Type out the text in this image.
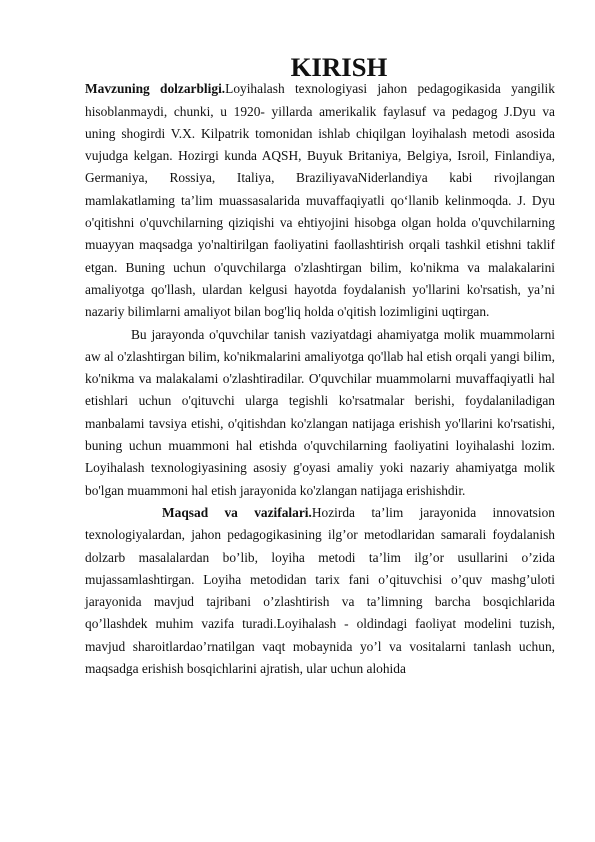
KIRISH

Mavzuning dolzarbligi.Loyihalash texnologiyasi jahon pedagogikasida yangilik hisoblanmaydi, chunki, u 1920- yillarda amerikalik faylasuf va pedagog J.Dyu va uning shogirdi V.X. Kilpatrik tomonidan ishlab chiqilgan loyihalash metodi asosida vujudga kelgan. Hozirgi kunda AQSH, Buyuk Britaniya, Belgiya, Isroil, Finlandiya, Germaniya, Rossiya, Italiya, BraziliyavaNiderlandiya kabi rivojlangan mamlakatlaming ta’lim muassasalarida muvaffaqiyatli qo‘llanib kelinmoqda. J. Dyu o'qitishni o'quvchilarning qiziqishi va ehtiyojini hisobga olgan holda o'quvchilarning muayyan maqsadga yo'naltirilgan faoliyatini faollashtirish orqali tashkil etishni taklif etgan. Buning uchun o'quvchilarga o'zlashtirgan bilim, ko'nikma va malakalarini amaliyotga qo'llash, ulardan kelgusi hayotda foydalanish yo'llarini ko'rsatish, ya’ni nazariy bilimlarni amaliyot bilan bog'liq holda o'qitish lozimligini uqtirgan.

Bu jarayonda o'quvchilar tanish vaziyatdagi ahamiyatga molik muammolarni aw al o'zlashtirgan bilim, ko'nikmalarini amaliyotga qo'llab hal etish orqali yangi bilim, ko'nikma va malakalami o'zlashtiradilar. O'quvchilar muammolarni muvaffaqiyatli hal etishlari uchun o'qituvchi ularga tegishli ko'rsatmalar berishi, foydalaniladigan manbalami tavsiya etishi, o'qitishdan ko'zlangan natijaga erishish yo'llarini ko'rsatishi, buning uchun muammoni hal etishda o'quvchilarning faoliyatini loyihalashi lozim. Loyihalash texnologiyasining asosiy g'oyasi amaliy yoki nazariy ahamiyatga molik bo'lgan muammoni hal etish jarayonida ko'zlangan natijaga erishishdir.

Maqsad va vazifalari.Hozirda ta’lim jarayonida innovatsion texnologiyalardan, jahon pedagogikasining ilg’or metodlaridan samarali foydalanish dolzarb masalalardan bo’lib, loyiha metodi ta’lim ilg’or usullarini o’zida mujassamlashtirgan. Loyiha metodidan tarix fani o’qituvchisi o’quv mashg’uloti jarayonida mavjud tajribani o’zlashtirish va ta’limning barcha bosqichlarida qo’llashdek muhim vazifa turadi.Loyihalash - oldindagi faoliyat modelini tuzish, mavjud sharoitlardao’rnatilgan vaqt mobaynida yo’l va vositalarni tanlash uchun, maqsadga erishish bosqichlarini ajratish, ular uchun alohida
